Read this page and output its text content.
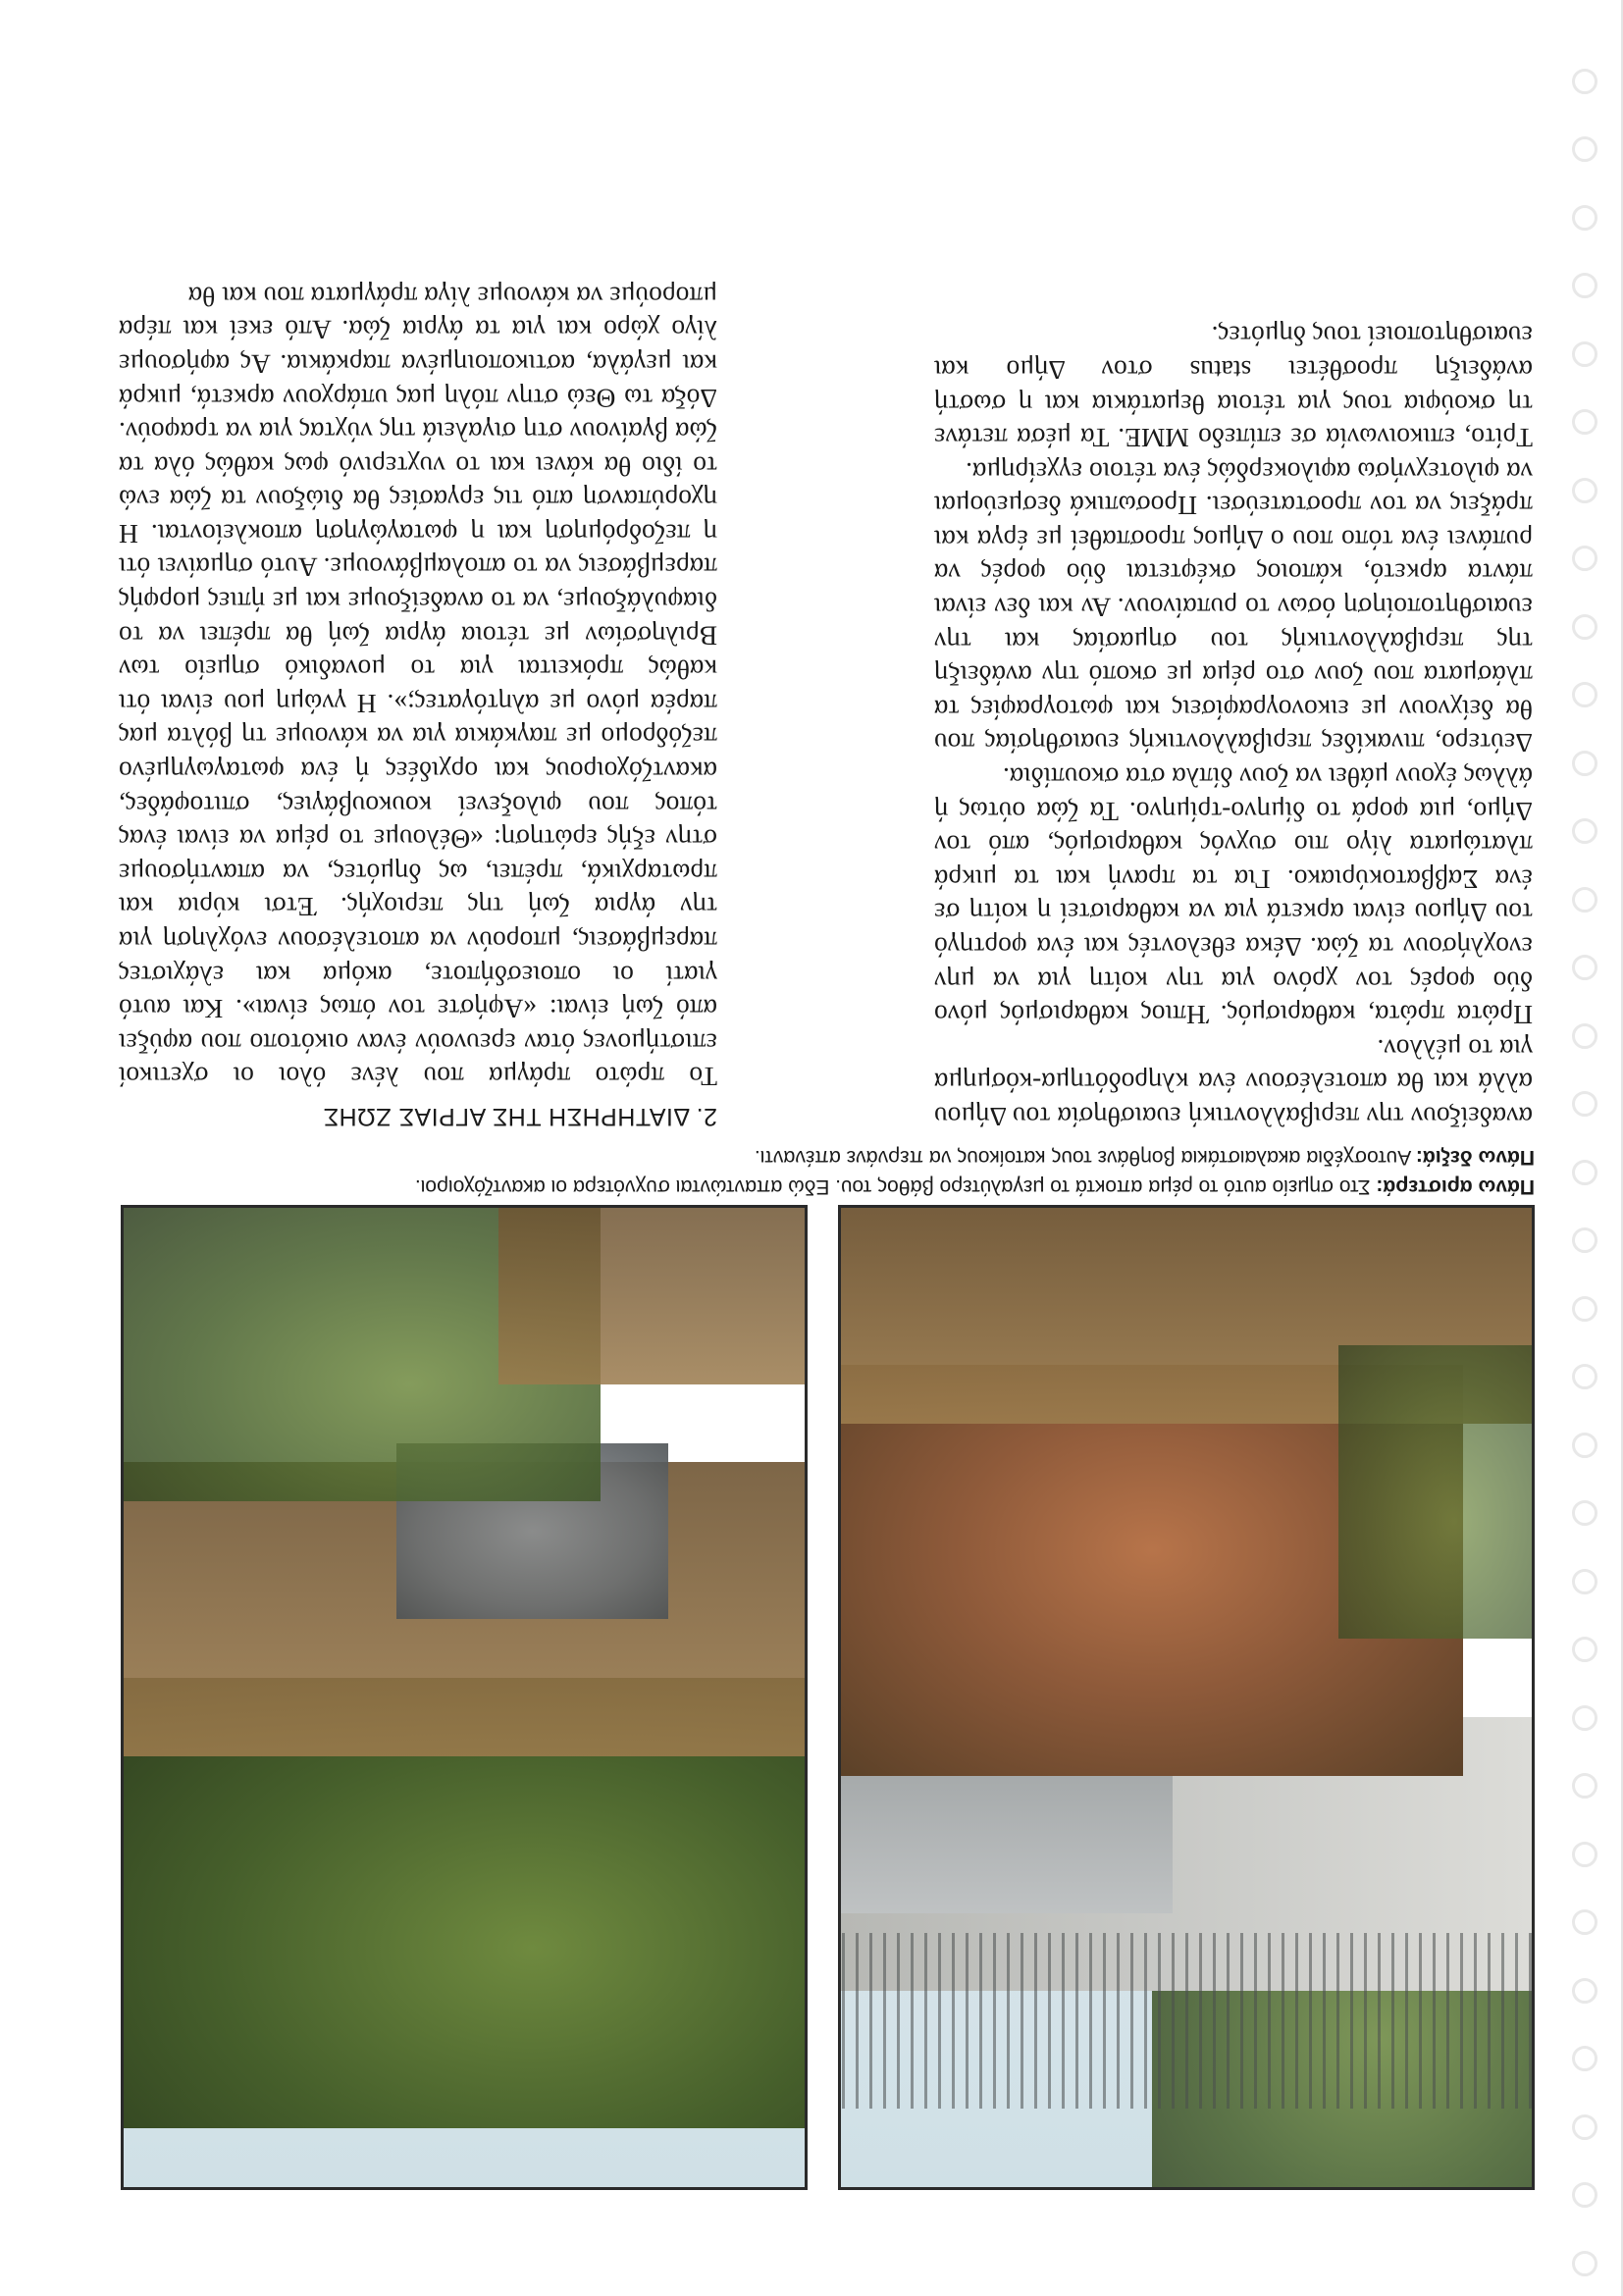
Πάνω αριστερά: Στο σημείο αυτό το ρέμα αποκτά το μεγαλύτερο βάθος του. Εδώ απαντώνται συχνότερα οι ακαντζόχοιροι.

Πάνω δεξιά: Αυτοσχέδια ακαλαιστάκια βοηθάνε τους κατοίκους να περνάνε απέναντι.

2. ΔΙΑΤΗΡΗΣΗ ΤΗΣ ΑΓΡΙΑΣ ΖΩΗΣ

Το πρώτο πράγμα που λένε όλοι οι σχετικοί επιστήμονες όταν ερευνούν έναν οικότοπο που αφύξει από ζωή είναι: «Αφήστε τον όπως είναι». Και αυτό γιατί οι οποιεσδήποτε, ακόμα και ελάχιστες παρεμβάσεις, μπορούν να αποτελέσουν ενόχληση για την άγρια ζωή της περιοχής. Έτσι κύρια και πρωταρχικά, πρέπει, ως δημότες, να απαντήσουμε στην εξής ερώτηση: «Θέλουμε το ρέμα να είναι ένας τόπος που φιλοξενεί κουκουβάγιες, σπιτοφάδες, ακαντζόχοιρους και ορχιδέες ή ένα φωταγωγημένο πεζόδρομο με παγκάκια για να κάνουμε τη βόλτα μας παρέα μόνο με αλητόγατες;». Η γνώμη μου είναι ότι καθώς πρόκειται για το μοναδικό σημείο των Βριλησσίων με τέτοια άγρια ζωή θα πρέπει να το διαφυλάξουμε, να το αναδείξουμε και με ήπιες μορφής παρεμβάσεις να το απολαμβάνουμε. Αυτό σημαίνει ότι η πεζοδρόμηση και η φωταγώγηση αποκλείονται. Η ηχορύπανση από τις εργασίες θα διώξουν τα ζώα ενώ το ίδιο θα κάνει και το νυχτερινό φως καθώς όλα τα ζώα βγαίνουν στη σιγαλειά της νύχτας για να τραφούν. Δόξα τω Θεώ στην πόλη μας υπάρχουν αρκετά, μικρά και μεγάλα, αστικοποιημένα παρκάκια. Ας αφήσουμε λίγο χώρο και για τα άγρια ζώα. Από εκεί και πέρα μπορούμε να κάνουμε λίγα πράγματα που και θα

αναδείξουν την περιβαλλοντική ευαισθησία του Δήμου αλλά και θα αποτελέσουν ένα κληροδότημα-κόσμημα για το μέλλον.

Πρώτα πρώτα, καθαρισμός. Ήπιος καθαρισμός μόνο δύο φορές τον χρόνο για την κοίτη για να μην ενοχλήσουν τα ζώα. Δέκα εθελοντές και ένα φορτηγό του Δήμου είναι αρκετά για να καθαριστεί η κοίτη σε ένα Σαββατοκύριακο. Για τα πρανή και τα μικρά πλατώματα λίγο πιο συχνός καθαρισμός, από τον Δήμο, μια φορά το δίμηνο-τρίμηνο. Τα ζώα ούτως ή άλλως έχουν μάθει να ζουν δίπλα στα σκουπίδια.

Δεύτερο, πινακίδες περιβαλλοντικής ευαισθησίας που θα δείχνουν με εικονογραφίσεις και φωτογραφίες τα πλάσματα που ζουν στο ρέμα με σκοπό την ανάδειξη της περιβαλλοντικής του σημασίας και την ευαισθητοποίηση όσων το ρυπαίνουν. Αν και δεν είναι πάντα αρκετό, κάποιος σκέφτεται δύο φορές να ρυπάνει ένα τόπο που ο Δήμος προσπαθεί με έργα και πράξεις να τον προστατεύσει. Προσωπικά δεσμεύομαι να φιλοτεχνήσω αφιλοκερδώς ένα τέτοιο εγχείρημα.

Τρίτο, επικοινωνία σε επίπεδο ΜΜΕ. Τα μέσα πετάνε τη σκούφια τους για τέτοια θεματάκια και η σωστή ανάδειξη προσθέτει status στον Δήμο και ευαισθητοποιεί τους δημότες.
